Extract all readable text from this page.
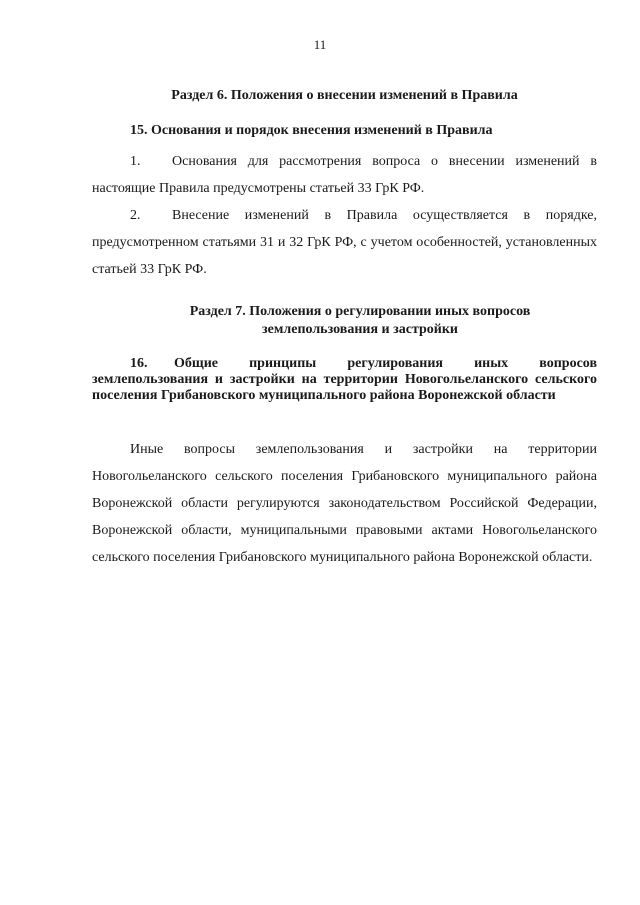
11
Раздел 6. Положения о внесении изменений в Правила
15. Основания и порядок внесения изменений в Правила
1. Основания для рассмотрения вопроса о внесении изменений в настоящие Правила предусмотрены статьей 33 ГрК РФ.
2. Внесение изменений в Правила осуществляется в порядке, предусмотренном статьями 31 и 32 ГрК РФ, с учетом особенностей, установленных статьей 33 ГрК РФ.
Раздел 7. Положения о регулировании иных вопросов
землепользования и застройки
16. Общие принципы регулирования иных вопросов землепользования и застройки на территории Новогольеланского сельского поселения Грибановского муниципального района Воронежской области
Иные вопросы землепользования и застройки на территории Новогольеланского сельского поселения Грибановского муниципального района Воронежской области регулируются законодательством Российской Федерации, Воронежской области, муниципальными правовыми актами Новогольеланского сельского поселения Грибановского муниципального района Воронежской области.
